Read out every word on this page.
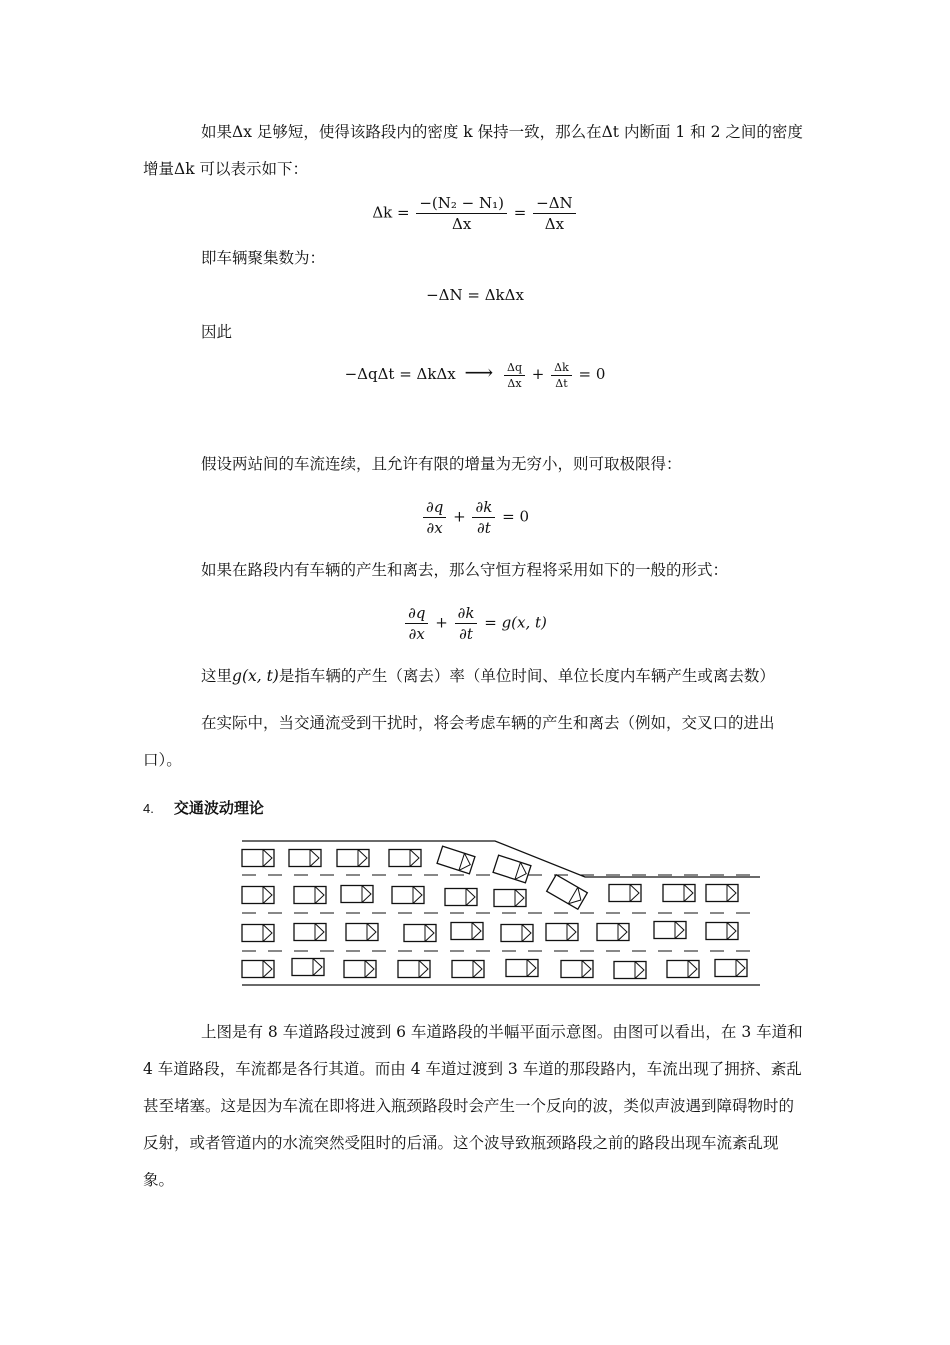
如果Δx 足够短，使得该路段内的密度 k 保持一致，那么在Δt 内断面 1 和 2 之间的密度增量Δk 可以表示如下：

$\Delta k = \frac{\text{−(N₂ − N₁)}}{\Delta x} = \frac{-\Delta N}{\Delta x}$

即车辆聚集数为：

−ΔN = ΔkΔx

因此

−ΔqΔt = ΔkΔx ⟶ $\frac{\Delta q}{\Delta x} + \frac{\Delta k}{\Delta t} = 0$

假设两站间的车流连续，且允许有限的增量为无穷小，则可取极限得：

$\frac{\partial q}{\partial x} + \frac{\partial k}{\partial t} = 0$

如果在路段内有车辆的产生和离去，那么守恒方程将采用如下的一般的形式：

$\frac{\partial q}{\partial x} + \frac{\partial k}{\partial t} = g(x$, t)

这里g(x, t)是指车辆的产生（离去）率（单位时间、单位长度内车辆产生或离去数）

在实际中，当交通流受到干扰时，将会考虑车辆的产生和离去（例如，交叉口的进出口）。

4. 交通波动理论

上图是有 8 车道路段过渡到 6 车道路段的半幅平面示意图。由图可以看出，在 3 车道和 4 车道路段，车流都是各行其道。而由 4 车道过渡到 3 车道的那段路内，车流出现了拥挤、紊乱甚至堵塞。这是因为车流在即将进入瓶颈路段时会产生一个反向的波，类似声波遇到障碍物时的反射，或者管道内的水流突然受阻时的后涌。这个波导致瓶颈路段之前的路段出现车流紊乱现象。
